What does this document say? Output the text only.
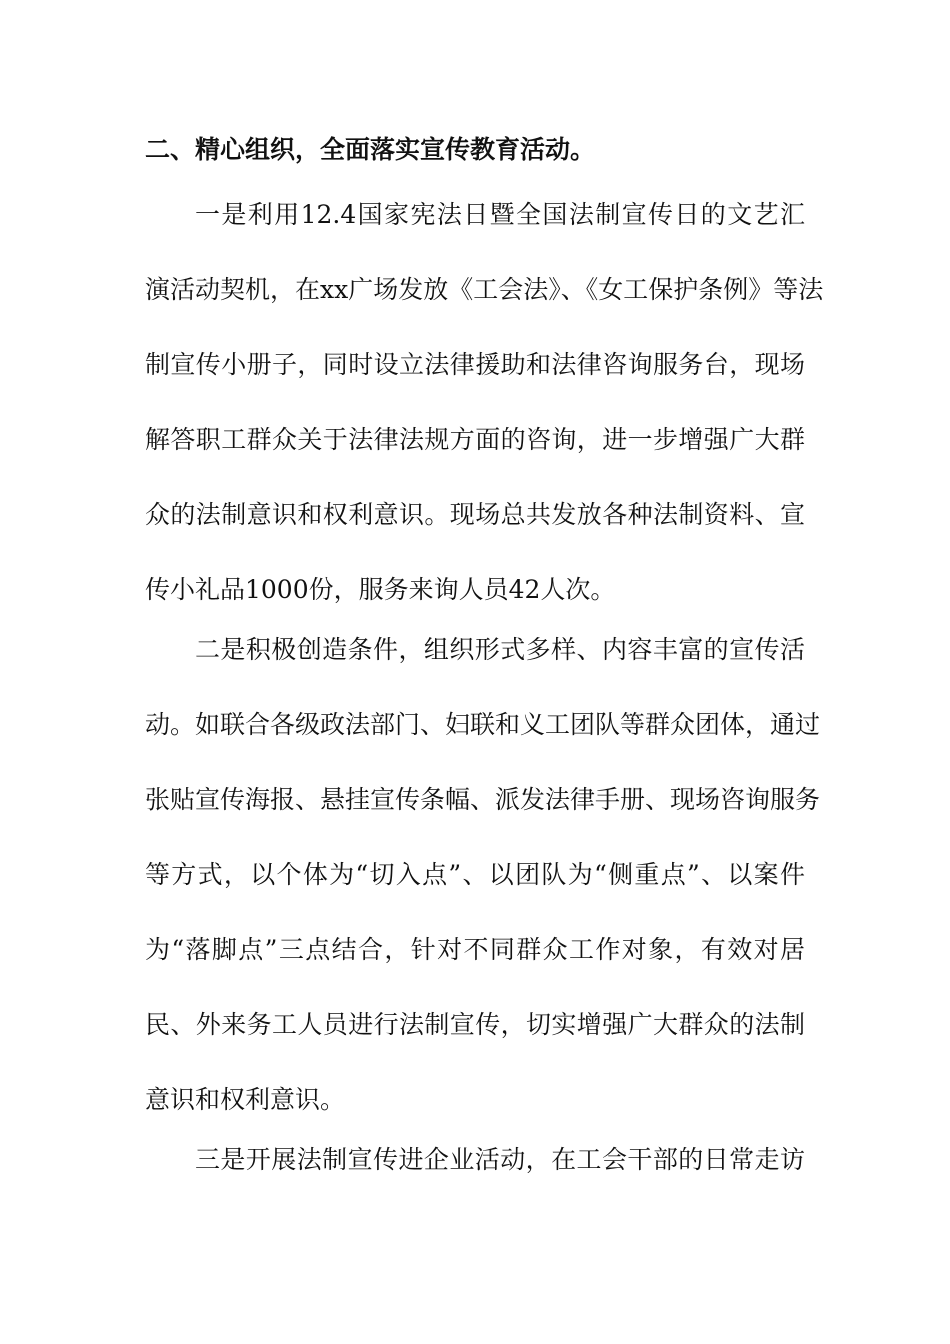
二、精心组织，全面落实宣传教育活动。
一是利用12.4国家宪法日暨全国法制宣传日的文艺汇
演活动契机，在xx广场发放《工会法》、《女工保护条例》等法
制宣传小册子，同时设立法律援助和法律咨询服务台，现场
解答职工群众关于法律法规方面的咨询，进一步增强广大群
众的法制意识和权利意识。现场总共发放各种法制资料、宣
传小礼品1000份，服务来询人员42人次。
二是积极创造条件，组织形式多样、内容丰富的宣传活
动。如联合各级政法部门、妇联和义工团队等群众团体，通过
张贴宣传海报、悬挂宣传条幅、派发法律手册、现场咨询服务
等方式，以个体为“切入点”、以团队为“侧重点”、以案件
为“落脚点”三点结合，针对不同群众工作对象，有效对居
民、外来务工人员进行法制宣传，切实增强广大群众的法制
意识和权利意识。
三是开展法制宣传进企业活动，在工会干部的日常走访
